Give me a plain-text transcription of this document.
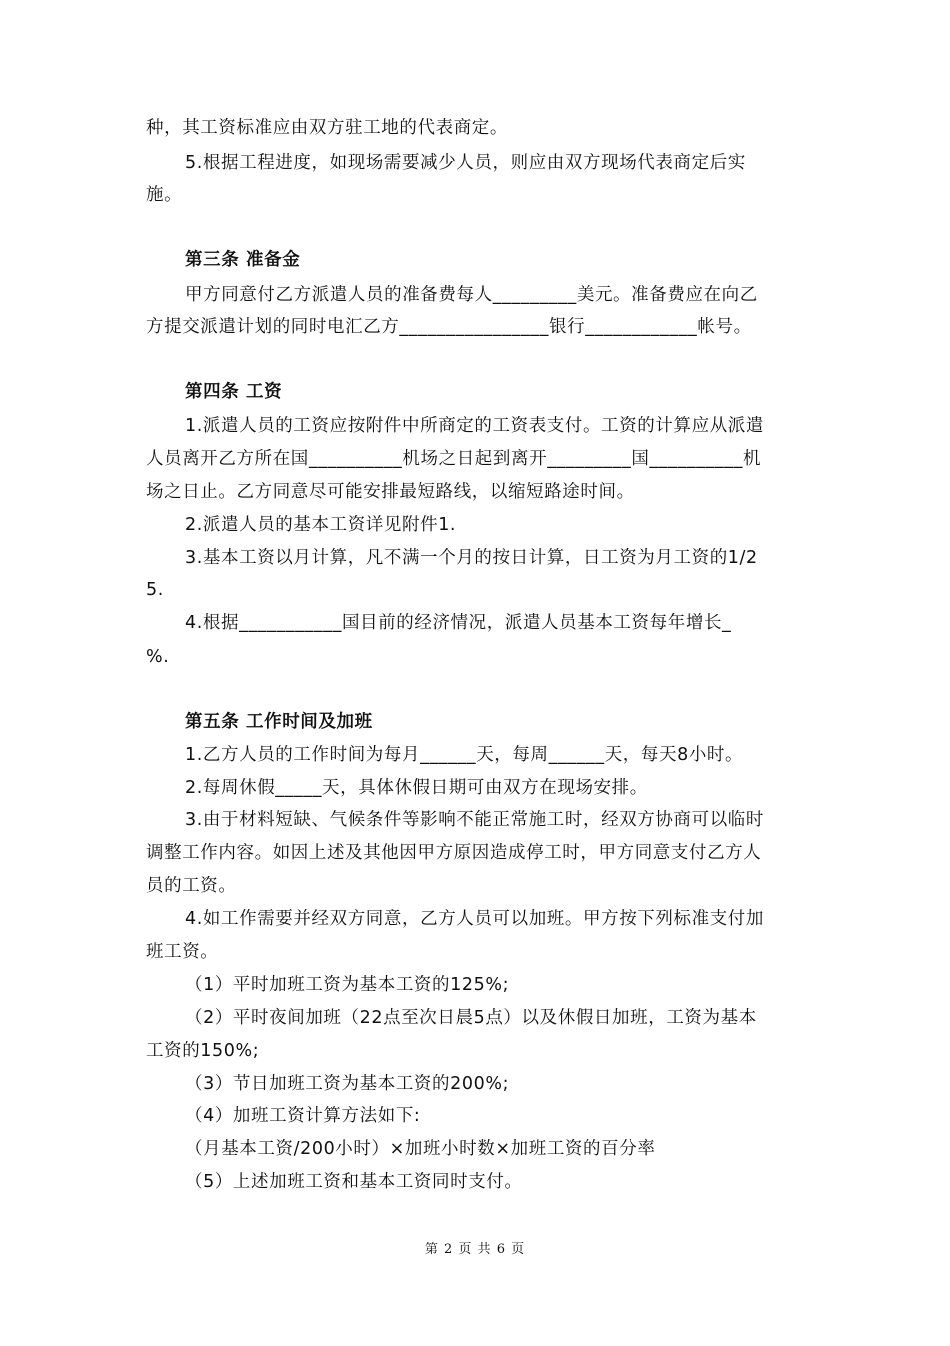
种，其工资标准应由双方驻工地的代表商定。
5.根据工程进度，如现场需要减少人员，则应由双方现场代表商定后实
施。
第三条 准备金
甲方同意付乙方派遣人员的准备费每人_________美元。准备费应在向乙
方提交派遣计划的同时电汇乙方________________银行____________帐号。
第四条 工资
1.派遣人员的工资应按附件中所商定的工资表支付。工资的计算应从派遣
人员离开乙方所在国__________机场之日起到离开_________国__________机
场之日止。乙方同意尽可能安排最短路线，以缩短路途时间。
2.派遣人员的基本工资详见附件1.
3.基本工资以月计算，凡不满一个月的按日计算，日工资为月工资的1/2
5.
4.根据___________国目前的经济情况，派遣人员基本工资每年增长_
%.
第五条 工作时间及加班
1.乙方人员的工作时间为每月______天，每周______天，每天8小时。
2.每周休假_____天，具体休假日期可由双方在现场安排。
3.由于材料短缺、气候条件等影响不能正常施工时，经双方协商可以临时
调整工作内容。如因上述及其他因甲方原因造成停工时，甲方同意支付乙方人
员的工资。
4.如工作需要并经双方同意，乙方人员可以加班。甲方按下列标准支付加
班工资。
（1）平时加班工资为基本工资的125%;
（2）平时夜间加班（22点至次日晨5点）以及休假日加班，工资为基本
工资的150%;
（3）节日加班工资为基本工资的200%;
（4）加班工资计算方法如下:
（月基本工资/200小时）×加班小时数×加班工资的百分率
（5）上述加班工资和基本工资同时支付。
第 2 页 共 6 页
